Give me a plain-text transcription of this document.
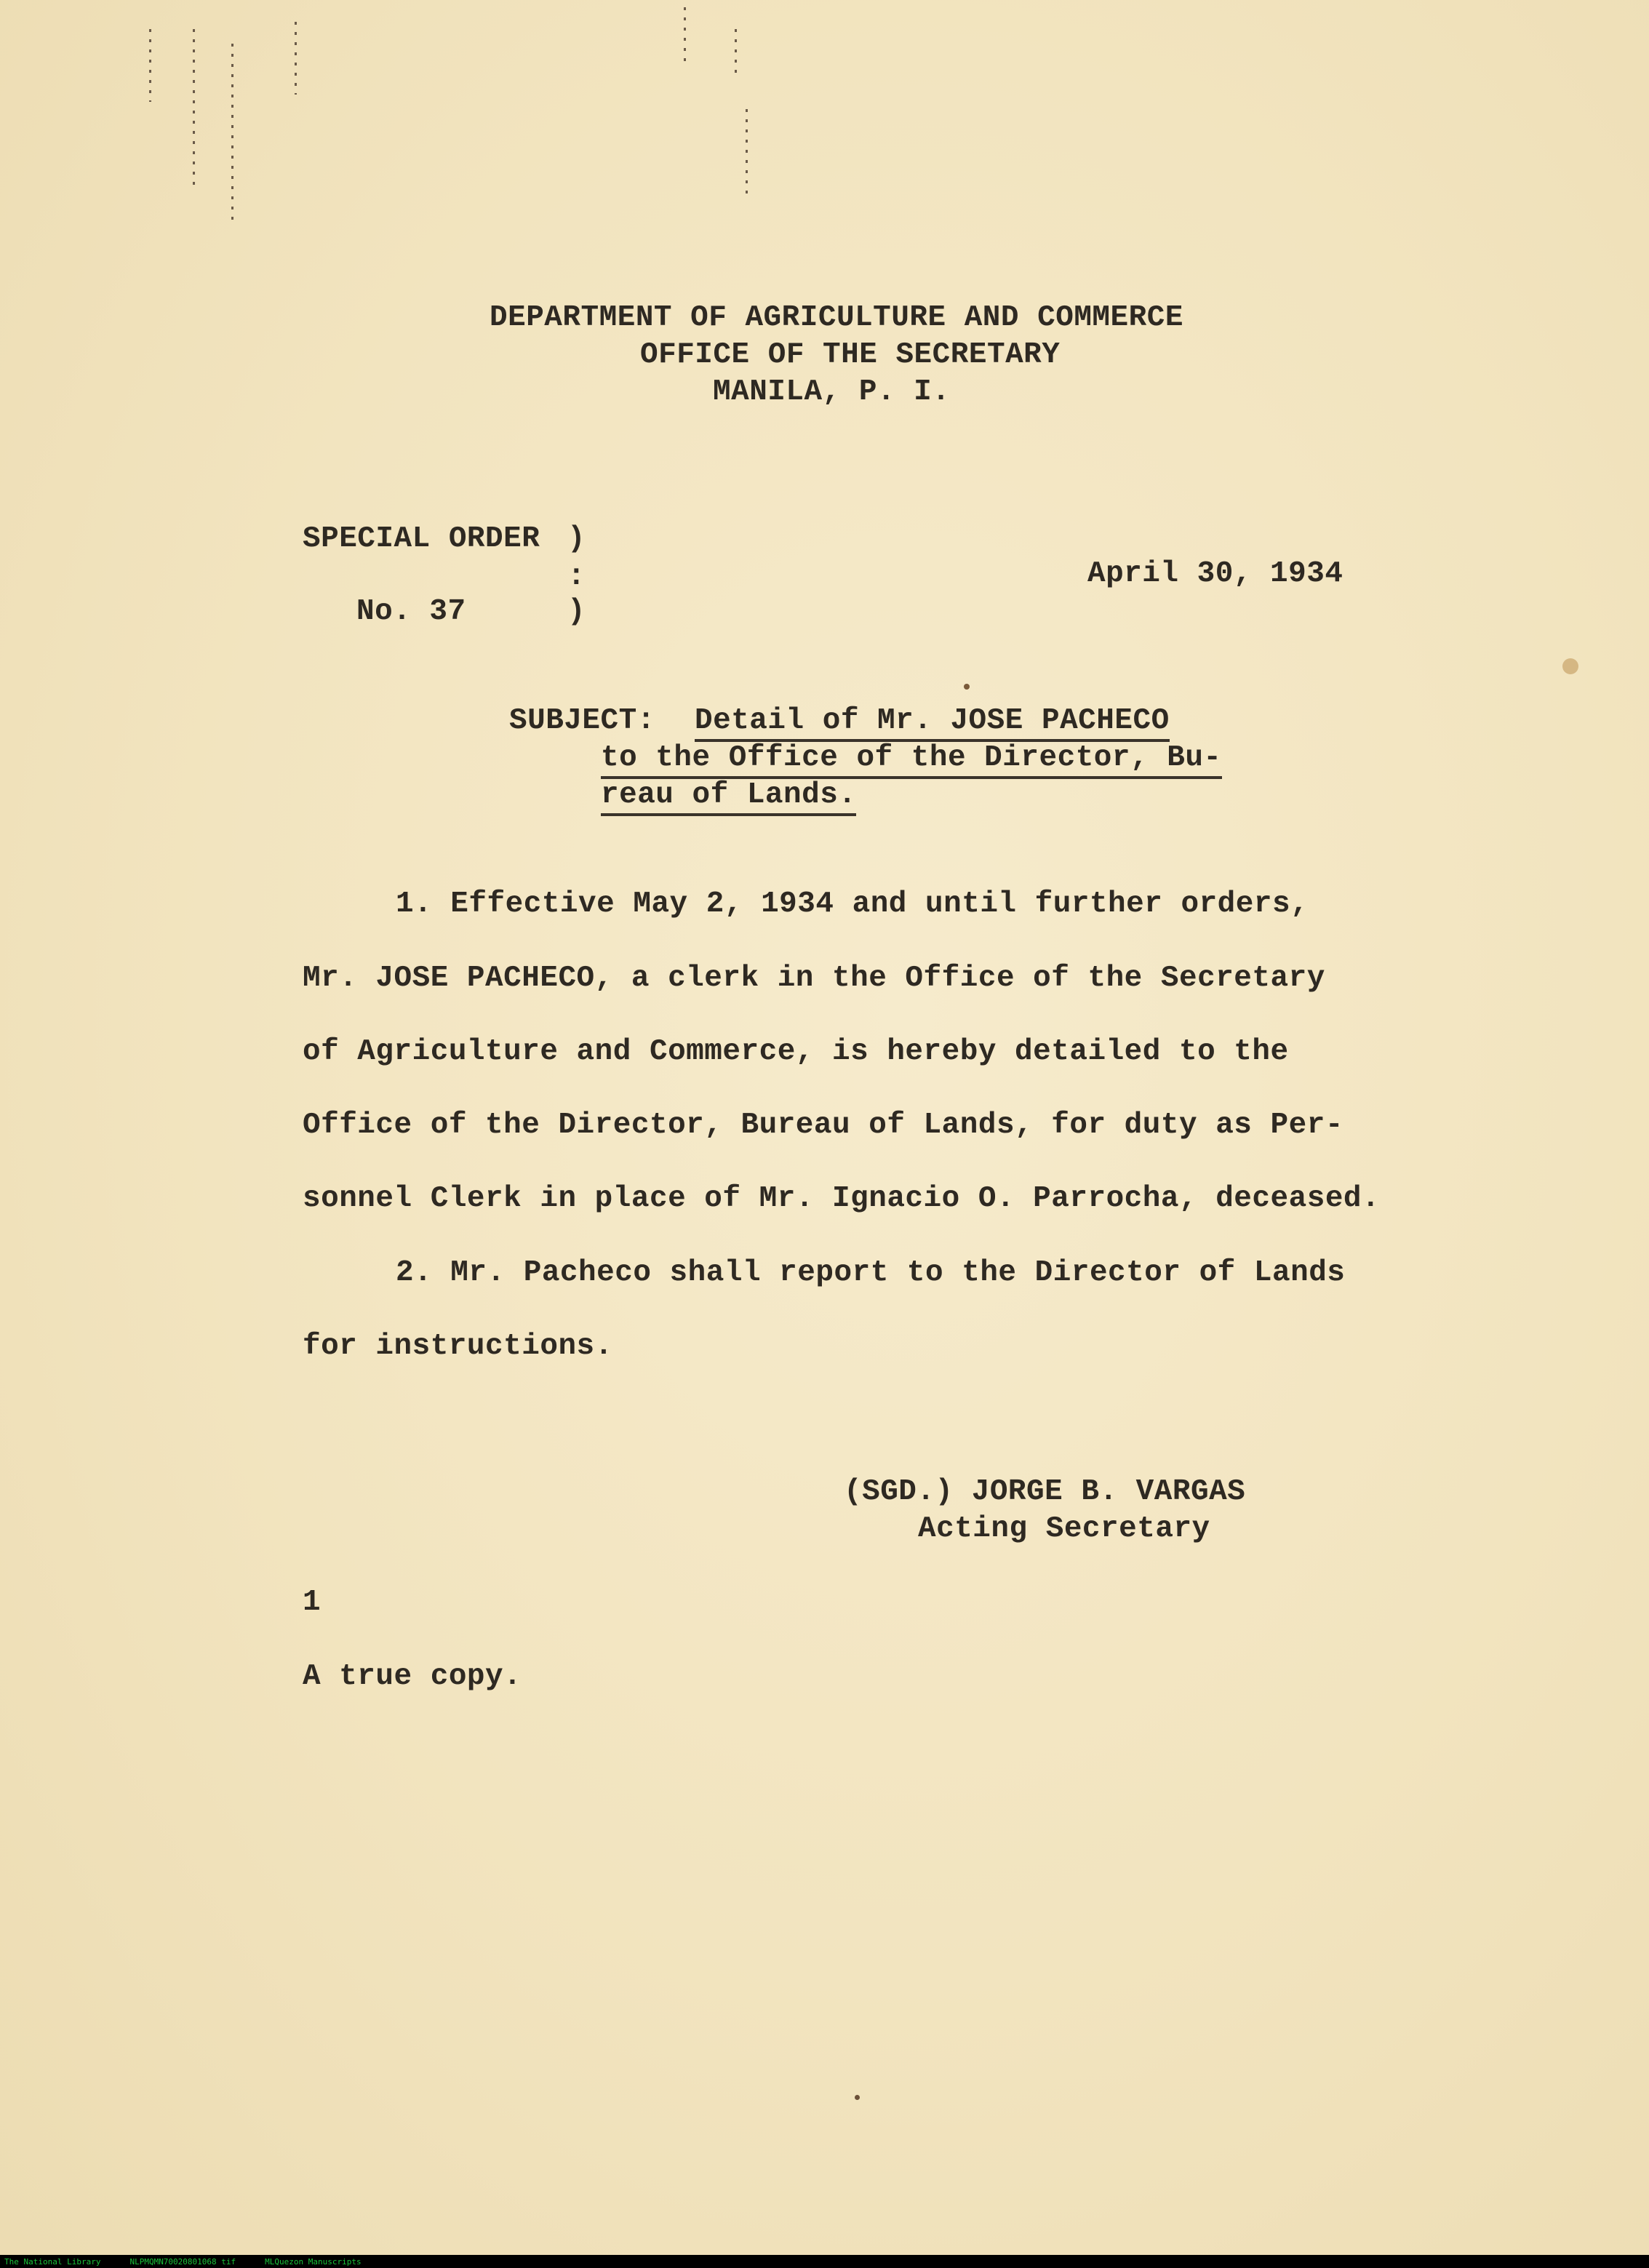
DEPARTMENT OF AGRICULTURE AND COMMERCE
OFFICE OF THE SECRETARY
MANILA, P. I.
SPECIAL ORDER )
:
No. 37	)
April 30, 1934
SUBJECT: Detail of Mr. JOSE PACHECO
to the Office of the Director, Bu-
reau of Lands.
1. Effective May 2, 1934 and until further orders,
Mr. JOSE PACHECO, a clerk in the Office of the Secretary
of Agriculture and Commerce, is hereby detailed to the
Office of the Director, Bureau of Lands, for duty as Per-
sonnel Clerk in place of Mr. Ignacio O. Parrocha, deceased.
2. Mr. Pacheco shall report to the Director of Lands
for instructions.
(SGD.) JORGE B. VARGAS
Acting Secretary
1
A true copy.
The National Library	NLPMQMN70020801068 tif	MLQuezon Manuscripts
